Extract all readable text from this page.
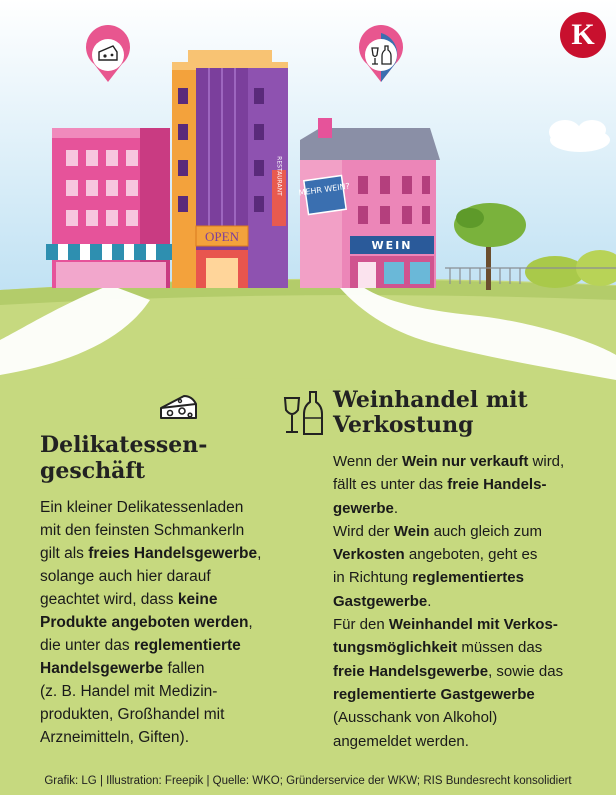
OPEN
RESTAURANT MEHR WEIN?
WEIN
K
Delikatessen-
geschäft

Ein kleiner Delikatessenladen

mit den feinsten Schmankerln

gilt als freies Handelsgewerbe,

solange auch hier darauf

geachtet wird, dass keine

Produkte angeboten werden,

die unter das reglementierte

Handelsgewerbe fallen

(z. B. Handel mit Medizin-

produkten, Großhandel mit

Arzneimitteln, Giften).

Weinhandel mit
Verkostung

Wenn der Wein nur verkauft wird,

fällt es unter das freie Handels-

gewerbe.

Wird der Wein auch gleich zum

Verkosten angeboten, geht es

in Richtung reglementiertes

Gastgewerbe.

Für den Weinhandel mit Verkos-

tungsmöglichkeit müssen das

freie Handelsgewerbe, sowie das

reglementierte Gastgewerbe

(Ausschank von Alkohol)

angemeldet werden.

Grafik: LG | Illustration: Freepik | Quelle: WKO; Gründerservice der WKW; RIS Bundesrecht konsolidiert
